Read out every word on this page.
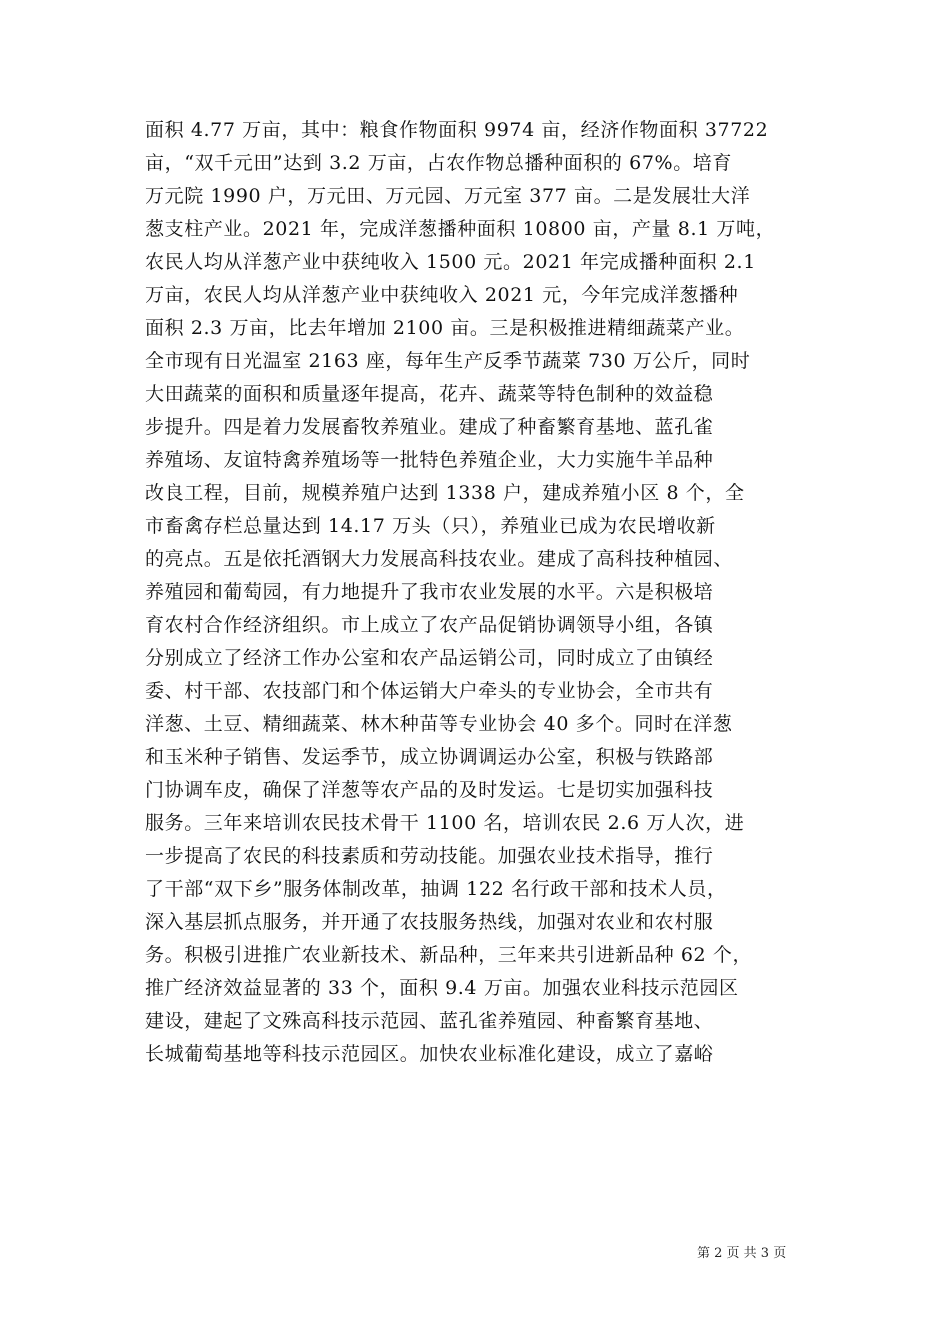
面积 4.77 万亩，其中：粮食作物面积 9974 亩，经济作物面积 37722
亩，“双千元田”达到 3.2 万亩，占农作物总播种面积的 67%。培育
万元院 1990 户，万元田、万元园、万元室 377 亩。二是发展壮大洋
葱支柱产业。2021 年，完成洋葱播种面积 10800 亩，产量 8.1 万吨，
农民人均从洋葱产业中获纯收入 1500 元。2021 年完成播种面积 2.1
万亩，农民人均从洋葱产业中获纯收入 2021 元，今年完成洋葱播种
面积 2.3 万亩，比去年增加 2100 亩。三是积极推进精细蔬菜产业。
全市现有日光温室 2163 座，每年生产反季节蔬菜 730 万公斤，同时
大田蔬菜的面积和质量逐年提高，花卉、蔬菜等特色制种的效益稳
步提升。四是着力发展畜牧养殖业。建成了种畜繁育基地、蓝孔雀
养殖场、友谊特禽养殖场等一批特色养殖企业，大力实施牛羊品种
改良工程，目前，规模养殖户达到 1338 户，建成养殖小区 8 个，全
市畜禽存栏总量达到 14.17 万头（只），养殖业已成为农民增收新
的亮点。五是依托酒钢大力发展高科技农业。建成了高科技种植园、
养殖园和葡萄园，有力地提升了我市农业发展的水平。六是积极培
育农村合作经济组织。市上成立了农产品促销协调领导小组，各镇
分别成立了经济工作办公室和农产品运销公司，同时成立了由镇经
委、村干部、农技部门和个体运销大户牵头的专业协会，全市共有
洋葱、土豆、精细蔬菜、林木种苗等专业协会 40 多个。同时在洋葱
和玉米种子销售、发运季节，成立协调调运办公室，积极与铁路部
门协调车皮，确保了洋葱等农产品的及时发运。七是切实加强科技
服务。三年来培训农民技术骨干 1100 名，培训农民 2.6 万人次，进
一步提高了农民的科技素质和劳动技能。加强农业技术指导，推行
了干部“双下乡”服务体制改革，抽调 122 名行政干部和技术人员，
深入基层抓点服务，并开通了农技服务热线，加强对农业和农村服
务。积极引进推广农业新技术、新品种，三年来共引进新品种 62 个，
推广经济效益显著的 33 个，面积 9.4 万亩。加强农业科技示范园区
建设，建起了文殊高科技示范园、蓝孔雀养殖园、种畜繁育基地、
长城葡萄基地等科技示范园区。加快农业标准化建设，成立了嘉峪
第 2 页 共 3 页
